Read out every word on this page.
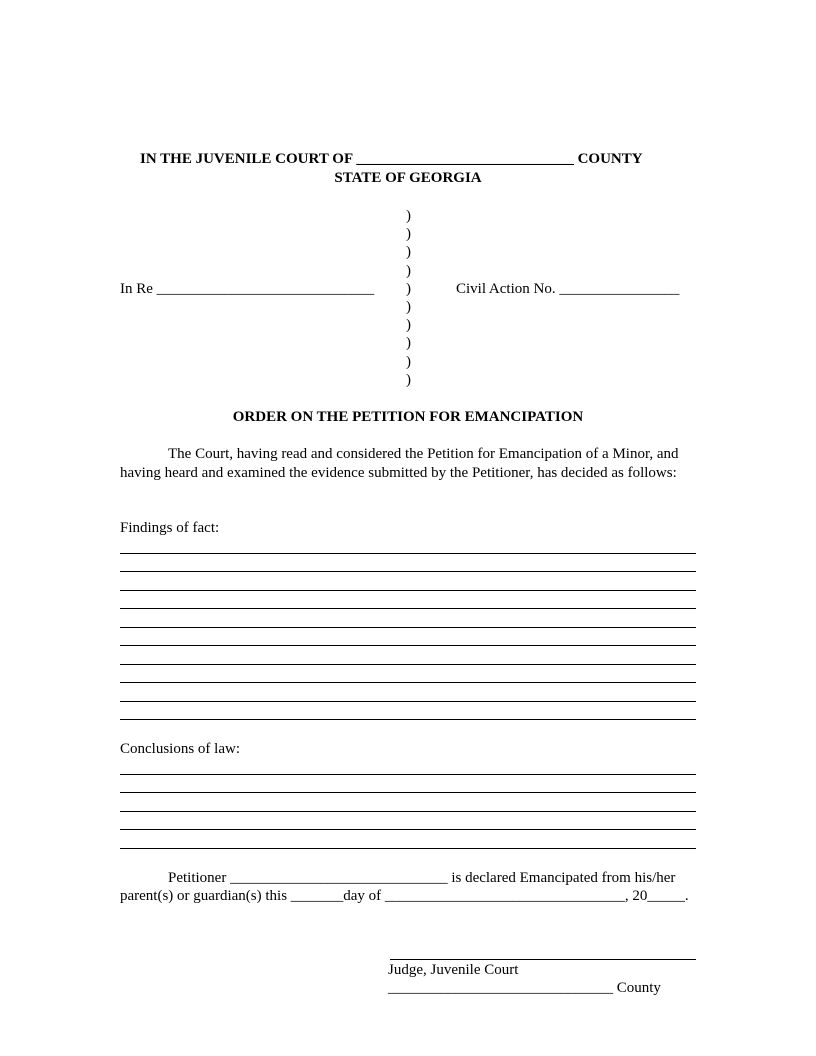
IN THE JUVENILE COURT OF _____________________________ COUNTY
STATE OF GEORGIA
)
)
)
)
)
)
)
)
)
)
In Re _____________________________	Civil Action No. ________________
ORDER ON THE PETITION FOR EMANCIPATION
The Court, having read and considered the Petition for Emancipation of a Minor, and having heard and examined the evidence submitted by the Petitioner, has decided as follows:
Findings of fact:
Conclusions of law:
Petitioner _____________________________ is declared Emancipated from his/her
parent(s) or guardian(s) this _______day of ________________________________, 20_____.
Judge, Juvenile Court
______________________________ County
